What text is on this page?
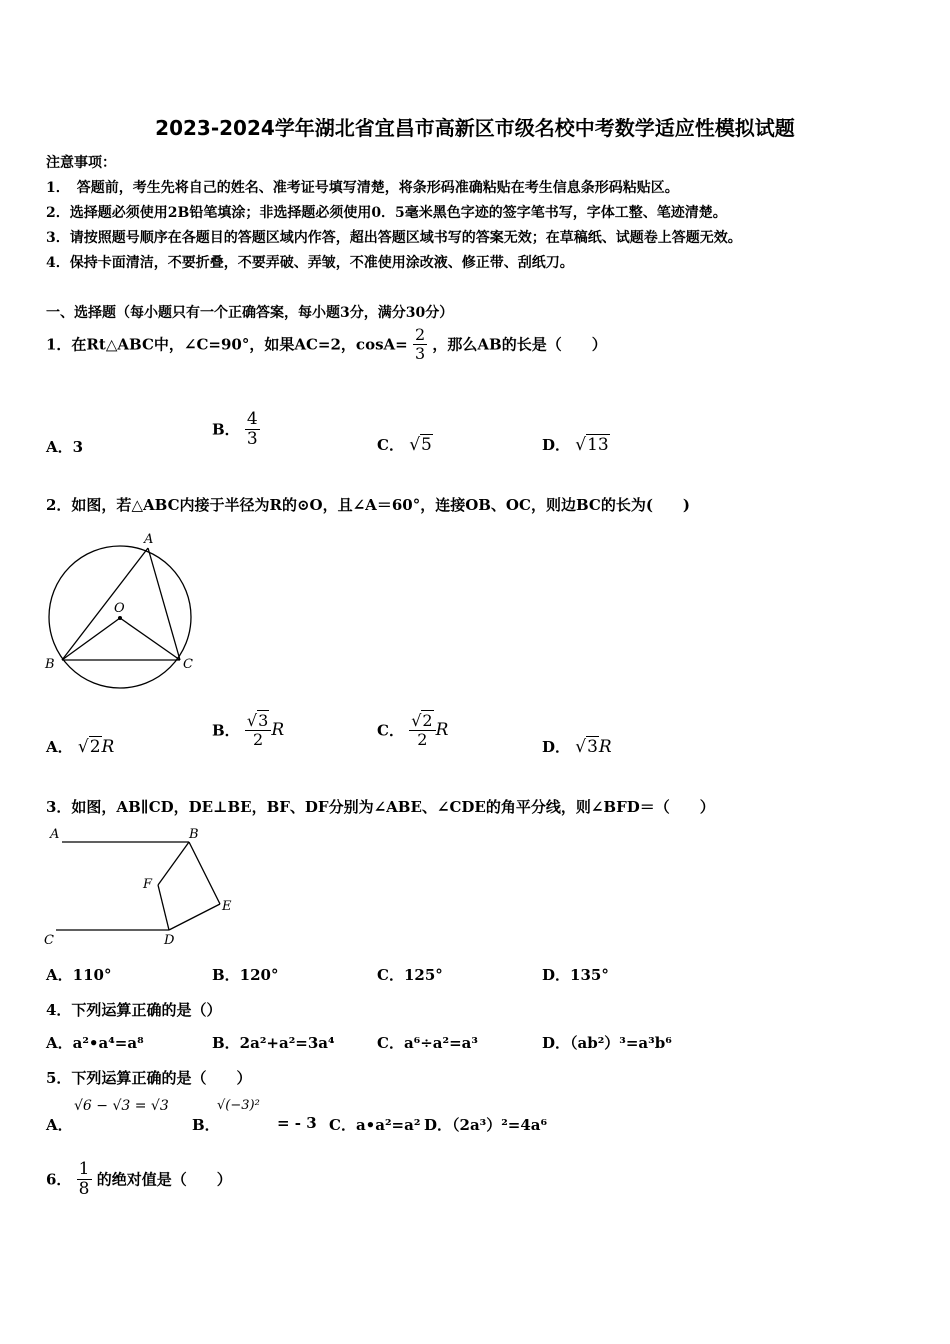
2023-2024学年湖北省宜昌市高新区市级名校中考数学适应性模拟试题
注意事项：
1．　答题前，考生先将自己的姓名、准考证号填写清楚，将条形码准确粘贴在考生信息条形码粘贴区。
2．选择题必须使用2B铅笔填涂；非选择题必须使用0．5毫米黑色字迹的签字笔书写，字体工整、笔迹清楚。
3．请按照题号顺序在各题目的答题区域内作答，超出答题区域书写的答案无效；在草稿纸、试题卷上答题无效。
4．保持卡面清洁，不要折叠，不要弄破、弄皱，不准使用涂改液、修正带、刮纸刀。
一、选择题（每小题只有一个正确答案，每小题3分，满分30分）
1．在Rt△ABC中，∠C=90°，如果AC=2，$\cos A= \frac{2}{3}$ ，那么AB的长是（　　）
A．3
B． $\frac{4}{3}$	C． √5	D． √13
2．如图，若△ABC内接于半径为R的⊙O，且∠A＝60°，连接OB、OC，则边BC的长为(　　)
A
O
B	C
A． √2R
B． $\frac{√3}{2}$ R	C． $\frac{√2}{2}$ R
D． √3R
3．如图，AB∥CD，DE⊥BE，BF、DF分别为∠ABE、∠CDE的角平分线，则∠BFD＝（　　）
A	B
C	D
E
F
A．110°	B．120°	C．125°	D．135°
4．下列运算正确的是（）
A．a²•a⁴=a⁸	B．2a²+a²=3a⁴	C．a⁶÷a²=a³	D．（ab²）³=a³b⁶
5．下列运算正确的是（　　）
A．
√6 − √3 = √3
B．
√(−3)²
= - 3 C．a•a²=a² D．（2a³）²=4a⁶
6． $\frac{1}{8}$ 的绝对值是（　　）
